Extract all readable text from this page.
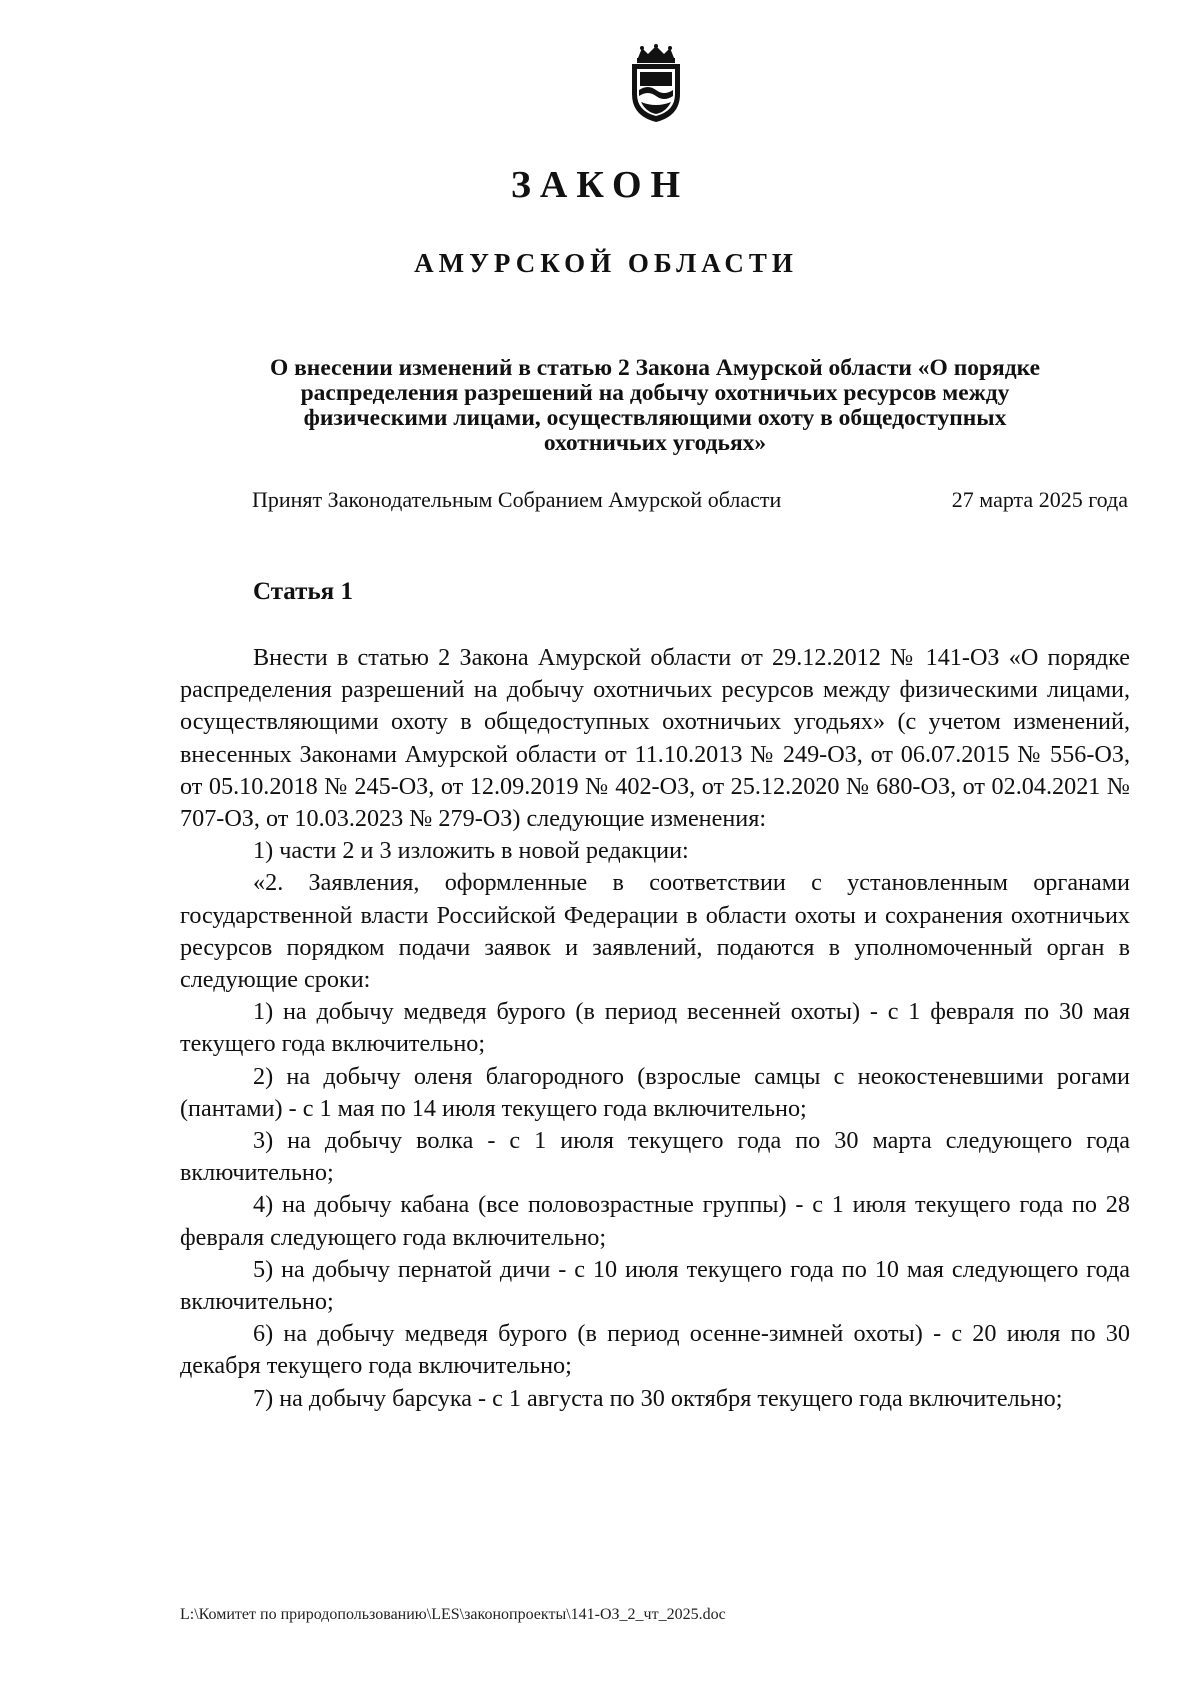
ЗАКОН
АМУРСКОЙ ОБЛАСТИ
О внесении изменений в статью 2 Закона Амурской области «О порядке
распределения разрешений на добычу охотничьих ресурсов между
физическими лицами, осуществляющими охоту в общедоступных
охотничьих угодьях»
Принят Законодательным Собранием Амурской области	27 марта 2025 года
Статья 1

Внести в статью 2 Закона Амурской области от 29.12.2012 № 141-ОЗ «О порядке распределения разрешений на добычу охотничьих ресурсов между физическими лицами, осуществляющими охоту в общедоступных охотничьих угодьях» (с учетом изменений, внесенных Законами Амурской области от 11.10.2013 № 249-ОЗ, от 06.07.2015 № 556-ОЗ, от 05.10.2018 № 245-ОЗ, от 12.09.2019 № 402-ОЗ, от 25.12.2020 № 680-ОЗ, от 02.04.2021 № 707-ОЗ, от 10.03.2023 № 279-ОЗ) следующие изменения:

1) части 2 и 3 изложить в новой редакции:

«2. Заявления, оформленные в соответствии с установленным органами государственной власти Российской Федерации в области охоты и сохранения охотничьих ресурсов порядком подачи заявок и заявлений, подаются в уполномоченный орган в следующие сроки:

1) на добычу медведя бурого (в период весенней охоты) - с 1 февраля по 30 мая текущего года включительно;

2) на добычу оленя благородного (взрослые самцы с неокостеневшими рогами (пантами) - с 1 мая по 14 июля текущего года включительно;

3) на добычу волка - с 1 июля текущего года по 30 марта следующего года включительно;

4) на добычу кабана (все половозрастные группы) - с 1 июля текущего года по 28 февраля следующего года включительно;

5) на добычу пернатой дичи - с 10 июля текущего года по 10 мая следующего года включительно;

6) на добычу медведя бурого (в период осенне-зимней охоты) - с 20 июля по 30 декабря текущего года включительно;

7) на добычу барсука - с 1 августа по 30 октября текущего года включительно;

L:\Комитет по природопользованию\LES\законопроекты\141-ОЗ_2_чт_2025.doc
